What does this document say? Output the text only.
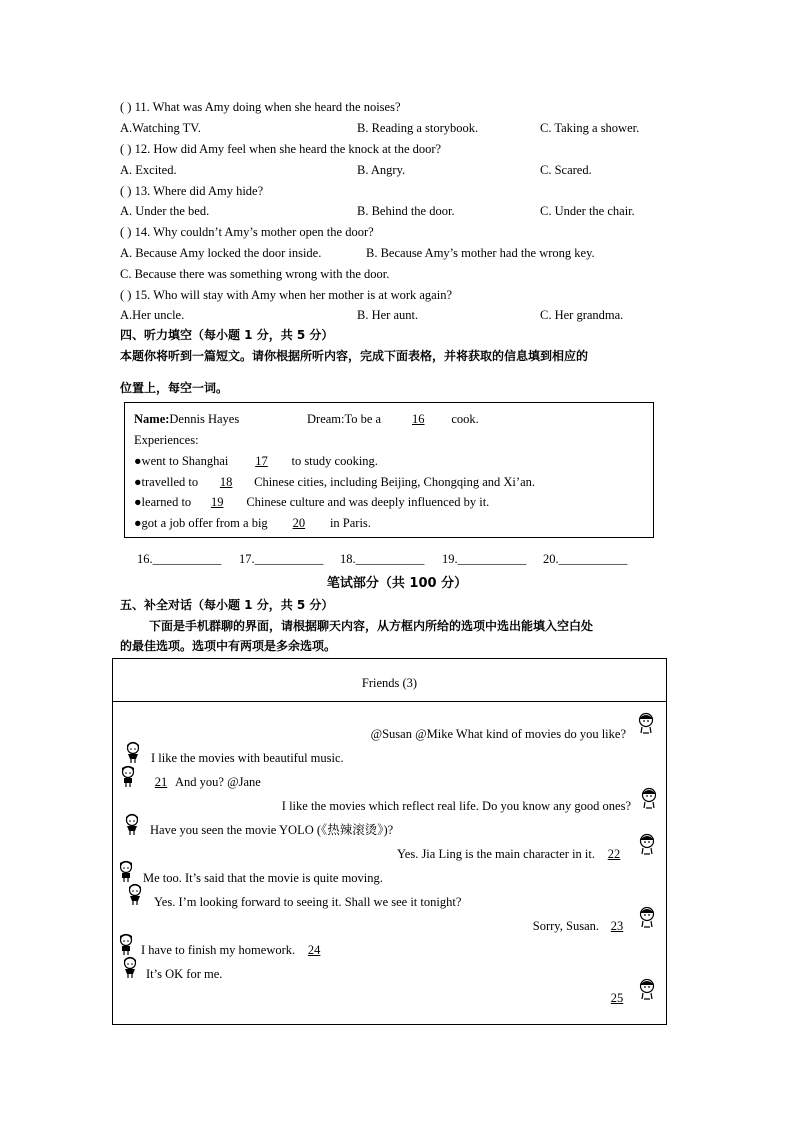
( ) 11. What was Amy doing when she heard the noises?
A.Watching TV.	B. Reading a storybook.	C. Taking a shower.
( ) 12. How did Amy feel when she heard the knock at the door?
A. Excited.	B. Angry.	C. Scared.
( ) 13. Where did Amy hide?
A. Under the bed.	B. Behind the door.	C. Under the chair.
( ) 14. Why couldn’t Amy’s mother open the door?
A. Because Amy locked the door inside.	B. Because Amy’s mother had the wrong key.
C. Because there was something wrong with the door.
( ) 15. Who will stay with Amy when her mother is at work again?
A.Her uncle.	B. Her aunt.	C. Her grandma.
四、听力填空（每小题 1 分，共 5 分）
本题你将听到一篇短文。请你根据所听内容，完成下面表格，并将获取的信息填到相应的
位置上，每空一词。
Name:Dennis Hayes	Dream:To be a 16 cook.
Experiences:
●went to Shanghai 17 to study cooking.
●travelled to 18 Chinese cities, including Beijing, Chongqing and Xi’an.
●learned to 19 Chinese culture and was deeply influenced by it.
●got a job offer from a big 20 in Paris.
16.___________ 17.___________ 18.___________ 19.___________ 20.___________
笔试部分（共 100 分）
五、补全对话（每小题 1 分，共 5 分）
下面是手机群聊的界面，请根据聊天内容，从方框内所给的选项中选出能填入空白处
的最佳选项。选项中有两项是多余选项。
Friends (3)
@Susan @Mike What kind of movies do you like?
I like the movies with beautiful music.
21 And you? @Jane
I like the movies which reflect real life. Do you know any good ones?
Have you seen the movie YOLO (《热辣滚烫》)?
Yes. Jia Ling is the main character in it. 22
Me too. It’s said that the movie is quite moving.
Yes. I’m looking forward to seeing it. Shall we see it tonight?
Sorry, Susan. 23
I have to finish my homework. 24
It’s OK for me.
25
